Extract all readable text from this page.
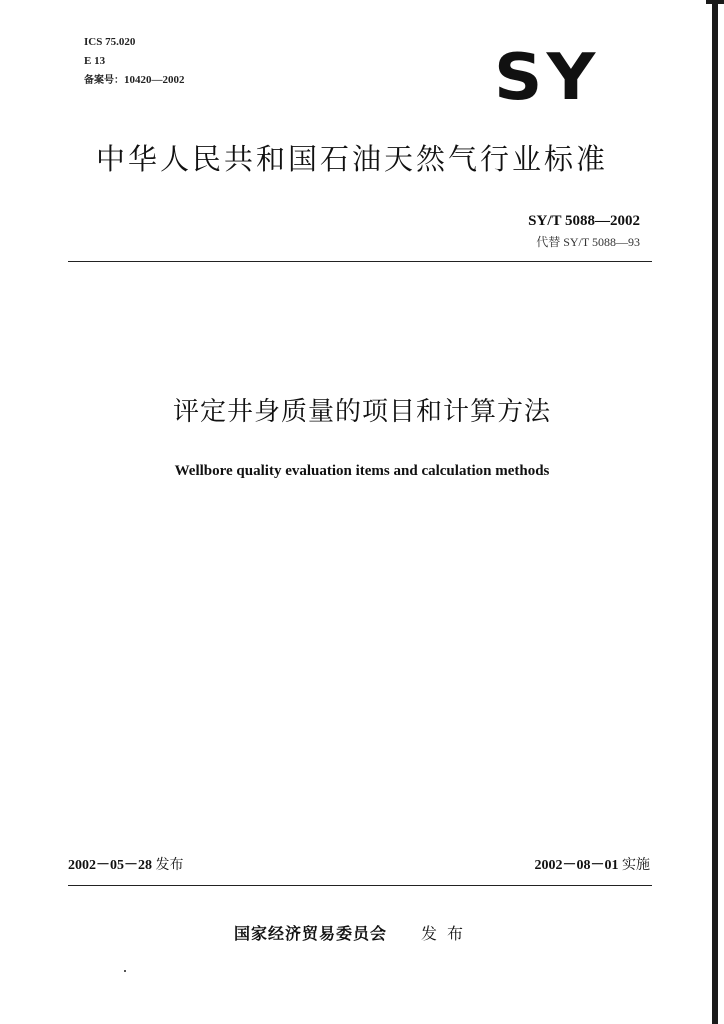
ICS 75.020
E 13
备案号：10420—2002	SY
中华人民共和国石油天然气行业标准
SY/T 5088—2002
代替 SY/T 5088—93
评定井身质量的项目和计算方法
Wellbore quality evaluation items and calculation methods
2002－05－28 发布	2002－08－01 实施
国家经济贸易委员会 发布
